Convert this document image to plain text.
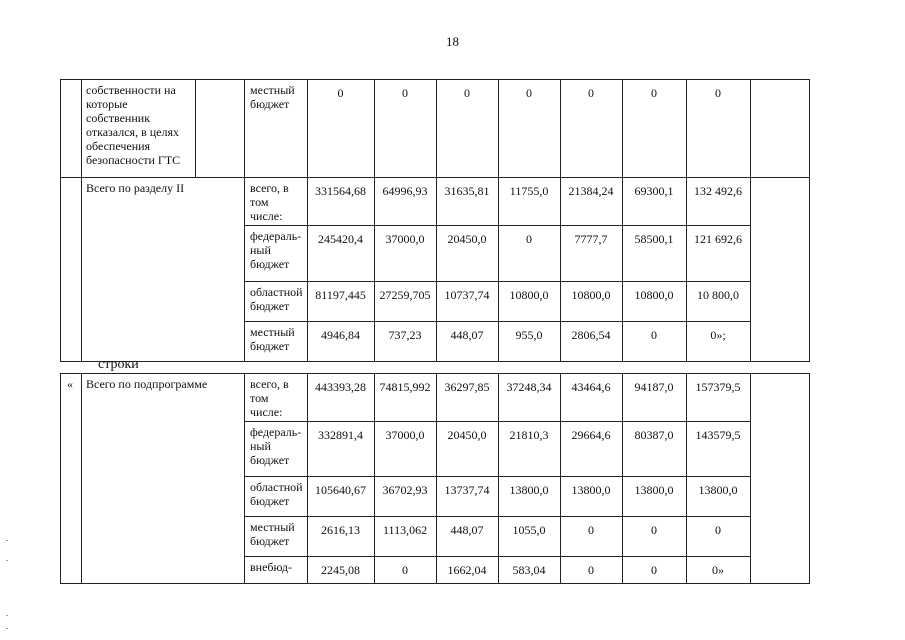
18
	собственности на которые собственник отказался, в целях обеспечения безопасности ГТС		местный бюджет	0	0	0	0	0	0	0	
	Всего по разделу II		всего, в том числе:	331564,68	64996,93	31635,81	11755,0	21384,24	69300,1	132 492,6	
			федераль-ный бюджет	245420,4	37000,0	20450,0	0	7777,7	58500,1	121 692,6	
			областной бюджет	81197,445	27259,705	10737,74	10800,0	10800,0	10800,0	10 800,0	
			местный бюджет	4946,84	737,23	448,07	955,0	2806,54	0	0»;	
строки
«	Всего по подпрограмме	всего, в том числе:	443393,28	74815,992	36297,85	37248,34	43464,6	94187,0	157379,5	
		федераль-ный бюджет	332891,4	37000,0	20450,0	21810,3	29664,6	80387,0	143579,5	
		областной бюджет	105640,67	36702,93	13737,74	13800,0	13800,0	13800,0	13800,0	
		местный бюджет	2616,13	1113,062	448,07	1055,0	0	0	0	
		внебюд-	2245,08	0	1662,04	583,04	0	0	0»	
